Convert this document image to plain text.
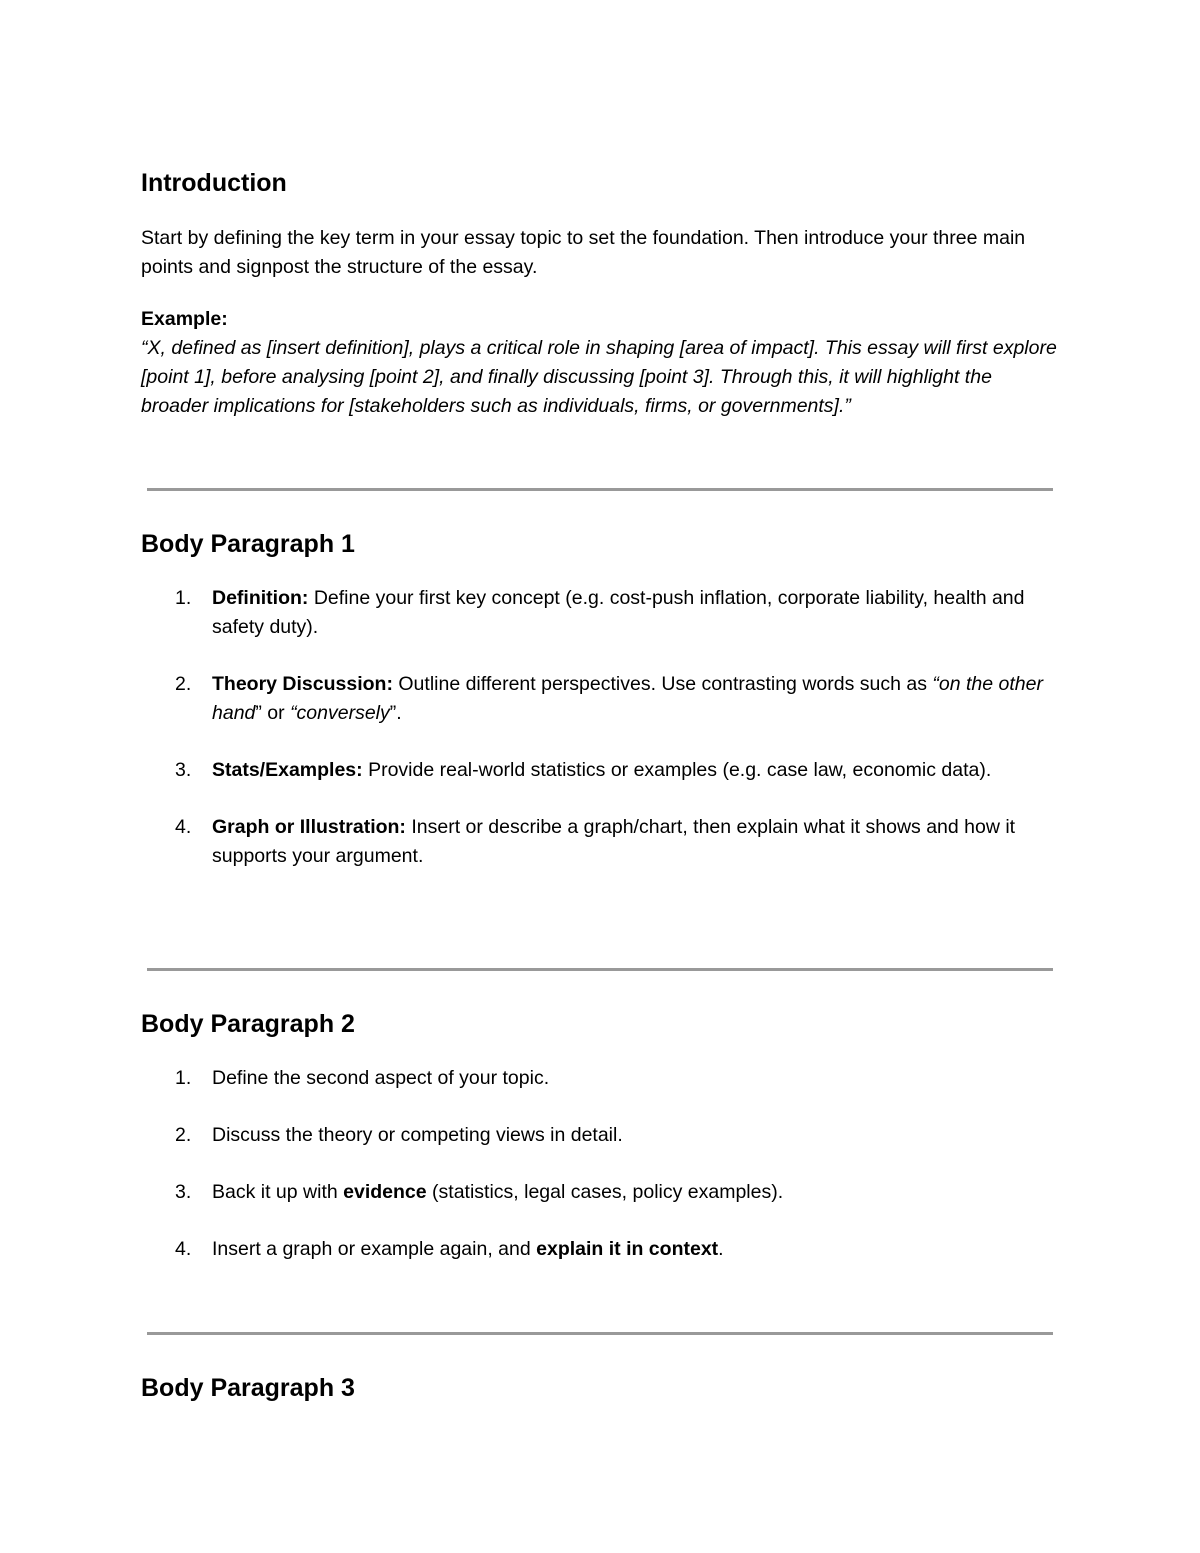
Introduction

Start by defining the key term in your essay topic to set the foundation. Then introduce your three main points and signpost the structure of the essay.

Example:
“X, defined as [insert definition], plays a critical role in shaping [area of impact]. This essay will first explore [point 1], before analysing [point 2], and finally discussing [point 3]. Through this, it will highlight the broader implications for [stakeholders such as individuals, firms, or governments].”
Body Paragraph 1
1. Definition: Define your first key concept (e.g. cost-push inflation, corporate liability, health and safety duty).
2. Theory Discussion: Outline different perspectives. Use contrasting words such as “on the other hand” or “conversely”.
3. Stats/Examples: Provide real-world statistics or examples (e.g. case law, economic data).
4. Graph or Illustration: Insert or describe a graph/chart, then explain what it shows and how it supports your argument.
Body Paragraph 2
1. Define the second aspect of your topic.
2. Discuss the theory or competing views in detail.
3. Back it up with evidence (statistics, legal cases, policy examples).
4. Insert a graph or example again, and explain it in context.
Body Paragraph 3
